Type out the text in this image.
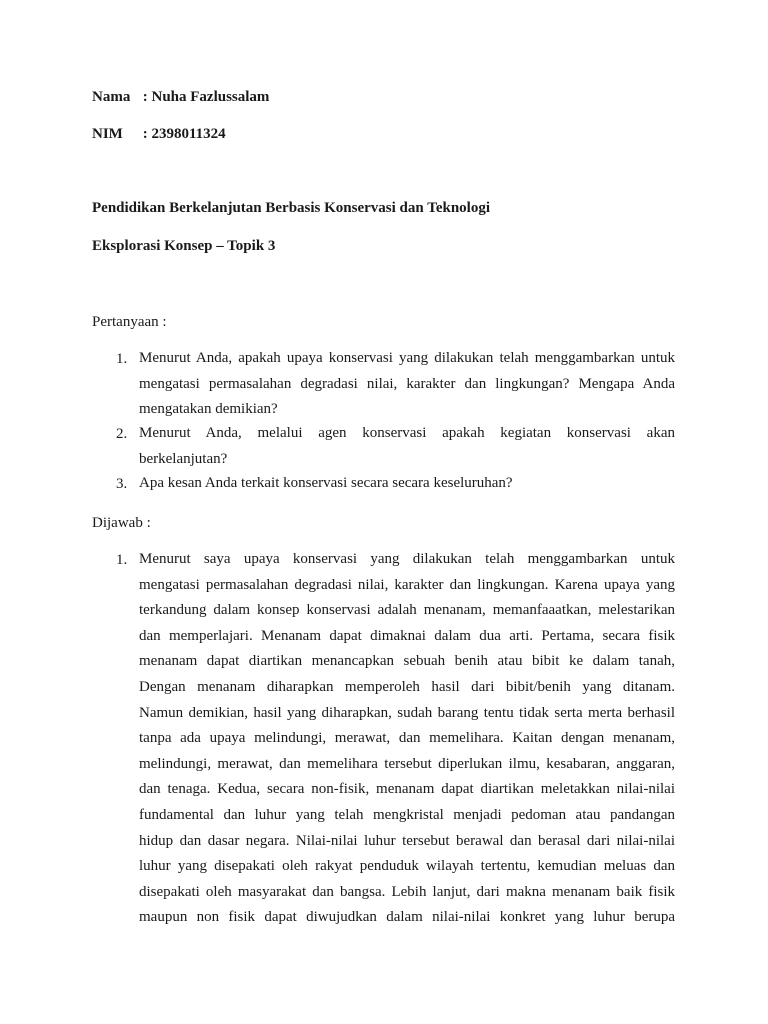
Nama : Nuha Fazlussalam
NIM : 2398011324
Pendidikan Berkelanjutan Berbasis Konservasi dan Teknologi
Eksplorasi Konsep – Topik 3
Pertanyaan :
1. Menurut Anda, apakah upaya konservasi yang dilakukan telah menggambarkan untuk
mengatasi permasalahan degradasi nilai, karakter dan lingkungan? Mengapa Anda
mengatakan demikian?
2. Menurut Anda, melalui agen konservasi apakah kegiatan konservasi akan
berkelanjutan?
3. Apa kesan Anda terkait konservasi secara secara keseluruhan?
Dijawab :
1. Menurut saya upaya konservasi yang dilakukan telah menggambarkan untuk
mengatasi permasalahan degradasi nilai, karakter dan lingkungan. Karena upaya yang
terkandung dalam konsep konservasi adalah menanam, memanfaaatkan, melestarikan
dan memperlajari. Menanam dapat dimaknai dalam dua arti. Pertama, secara fisik
menanam dapat diartikan menancapkan sebuah benih atau bibit ke dalam tanah,
Dengan menanam diharapkan memperoleh hasil dari bibit/benih yang ditanam.
Namun demikian, hasil yang diharapkan, sudah barang tentu tidak serta merta berhasil
tanpa ada upaya melindungi, merawat, dan memelihara. Kaitan dengan menanam,
melindungi, merawat, dan memelihara tersebut diperlukan ilmu, kesabaran, anggaran,
dan tenaga. Kedua, secara non-fisik, menanam dapat diartikan meletakkan nilai-nilai
fundamental dan luhur yang telah mengkristal menjadi pedoman atau pandangan
hidup dan dasar negara. Nilai-nilai luhur tersebut berawal dan berasal dari nilai-nilai
luhur yang disepakati oleh rakyat penduduk wilayah tertentu, kemudian meluas dan
disepakati oleh masyarakat dan bangsa. Lebih lanjut, dari makna menanam baik fisik
maupun non fisik dapat diwujudkan dalam nilai-nilai konkret yang luhur berupa
